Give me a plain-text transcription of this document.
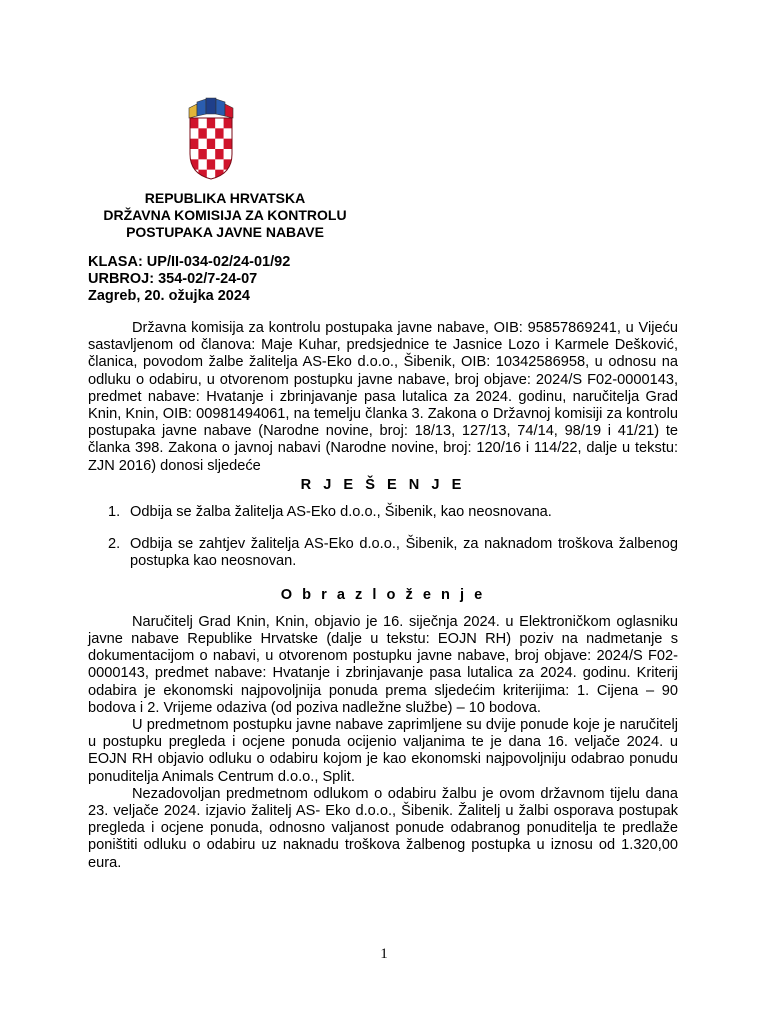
REPUBLIKA HRVATSKA
DRŽAVNA KOMISIJA ZA KONTROLU
POSTUPAKA JAVNE NABAVE
KLASA: UP/II-034-02/24-01/92
URBROJ: 354-02/7-24-07
Zagreb, 20. ožujka 2024

Državna komisija za kontrolu postupaka javne nabave, OIB: 95857869241, u Vijeću sastavljenom od članova: Maje Kuhar, predsjednice te Jasnice Lozo i Karmele Dešković, članica, povodom žalbe žalitelja AS-Eko d.o.o., Šibenik, OIB: 10342586958, u odnosu na odluku o odabiru, u otvorenom postupku javne nabave, broj objave: 2024/S F02-0000143, predmet nabave: Hvatanje i zbrinjavanje pasa lutalica za 2024. godinu, naručitelja Grad Knin, Knin, OIB: 00981494061, na temelju članka 3. Zakona o Državnoj komisiji za kontrolu postupaka javne nabave (Narodne novine, broj: 18/13, 127/13, 74/14, 98/19 i 41/21) te članka 398. Zakona o javnoj nabavi (Narodne novine, broj: 120/16 i 114/22, dalje u tekstu: ZJN 2016) donosi sljedeće

R J E Š E N J E
1. Odbija se žalba žalitelja AS-Eko d.o.o., Šibenik, kao neosnovana.
2. Odbija se zahtjev žalitelja AS-Eko d.o.o., Šibenik, za naknadom troškova žalbenog postupka kao neosnovan.
O b r a z l o ž e n j e

Naručitelj Grad Knin, Knin, objavio je 16. siječnja 2024. u Elektroničkom oglasniku javne nabave Republike Hrvatske (dalje u tekstu: EOJN RH) poziv na nadmetanje s dokumentacijom o nabavi, u otvorenom postupku javne nabave, broj objave: 2024/S F02-0000143, predmet nabave: Hvatanje i zbrinjavanje pasa lutalica za 2024. godinu. Kriterij odabira je ekonomski najpovoljnija ponuda prema sljedećim kriterijima: 1. Cijena – 90 bodova i 2. Vrijeme odaziva (od poziva nadležne službe) – 10 bodova.

U predmetnom postupku javne nabave zaprimljene su dvije ponude koje je naručitelj u postupku pregleda i ocjene ponuda ocijenio valjanima te je dana 16. veljače 2024. u EOJN RH objavio odluku o odabiru kojom je kao ekonomski najpovoljniju odabrao ponudu ponuditelja Animals Centrum d.o.o., Split.

Nezadovoljan predmetnom odlukom o odabiru žalbu je ovom državnom tijelu dana 23. veljače 2024. izjavio žalitelj AS- Eko d.o.o., Šibenik. Žalitelj u žalbi osporava postupak pregleda i ocjene ponuda, odnosno valjanost ponude odabranog ponuditelja te predlaže poništiti odluku o odabiru uz naknadu troškova žalbenog postupka u iznosu od 1.320,00 eura.

1
